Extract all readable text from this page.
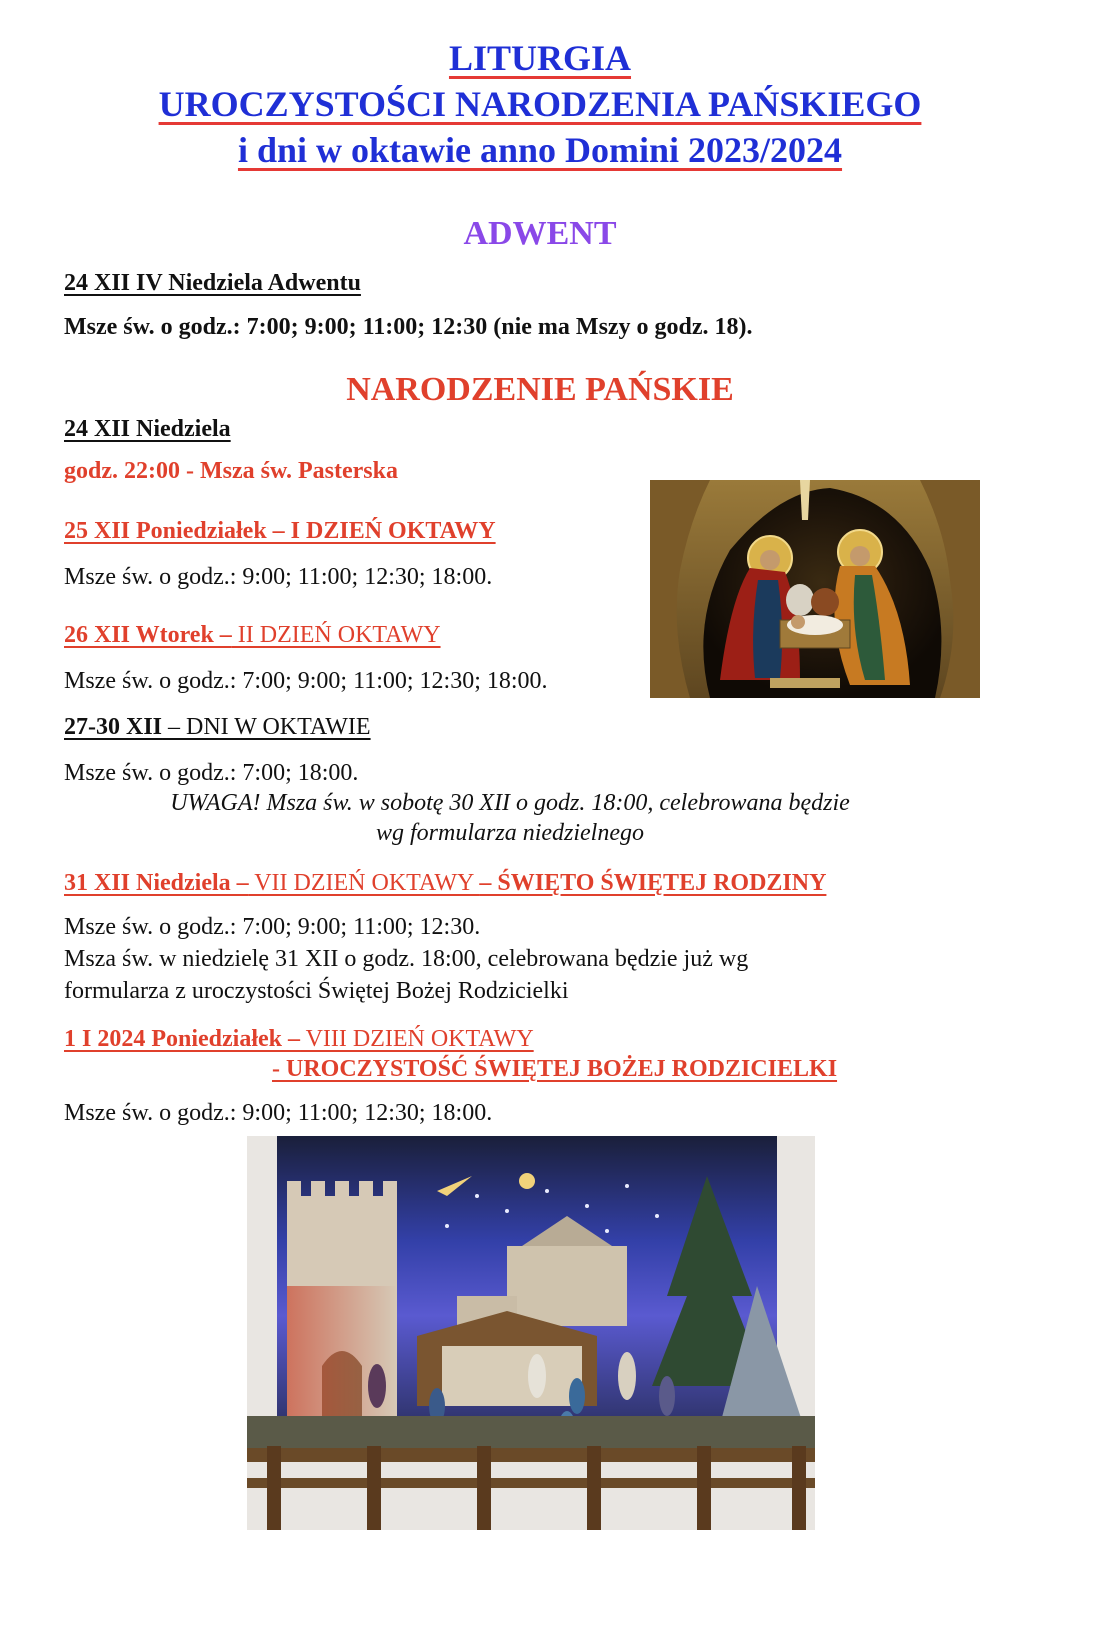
LITURGIA
UROCZYSTOŚCI NARODZENIA PAŃSKIEGO
i dni w oktawie anno Domini 2023/2024
ADWENT
24 XII IV Niedziela Adwentu
Msze św. o godz.: 7:00; 9:00; 11:00; 12:30 (nie ma Mszy o godz. 18).
NARODZENIE PAŃSKIE
24 XII Niedziela
godz. 22:00 - Msza św. Pasterska
25 XII Poniedziałek – I DZIEŃ OKTAWY
Msze św. o godz.: 9:00; 11:00; 12:30; 18:00.
26 XII Wtorek – II DZIEŃ OKTAWY
Msze św. o godz.: 7:00; 9:00; 11:00; 12:30; 18:00.
27-30 XII – DNI W OKTAWIE
Msze św. o godz.: 7:00; 18:00.
UWAGA! Msza św. w sobotę 30 XII o godz. 18:00, celebrowana będzie
wg formularza niedzielnego
31 XII Niedziela – VII DZIEŃ OKTAWY – ŚWIĘTO ŚWIĘTEJ RODZINY
Msze św. o godz.: 7:00; 9:00; 11:00; 12:30.
Msza św. w niedzielę 31 XII o godz. 18:00, celebrowana będzie już wg
formularza z uroczystości Świętej Bożej Rodzicielki
1 I 2024 Poniedziałek – VIII DZIEŃ OKTAWY
- UROCZYSTOŚĆ ŚWIĘTEJ BOŻEJ RODZICIELKI
Msze św. o godz.: 9:00; 11:00; 12:30; 18:00.
